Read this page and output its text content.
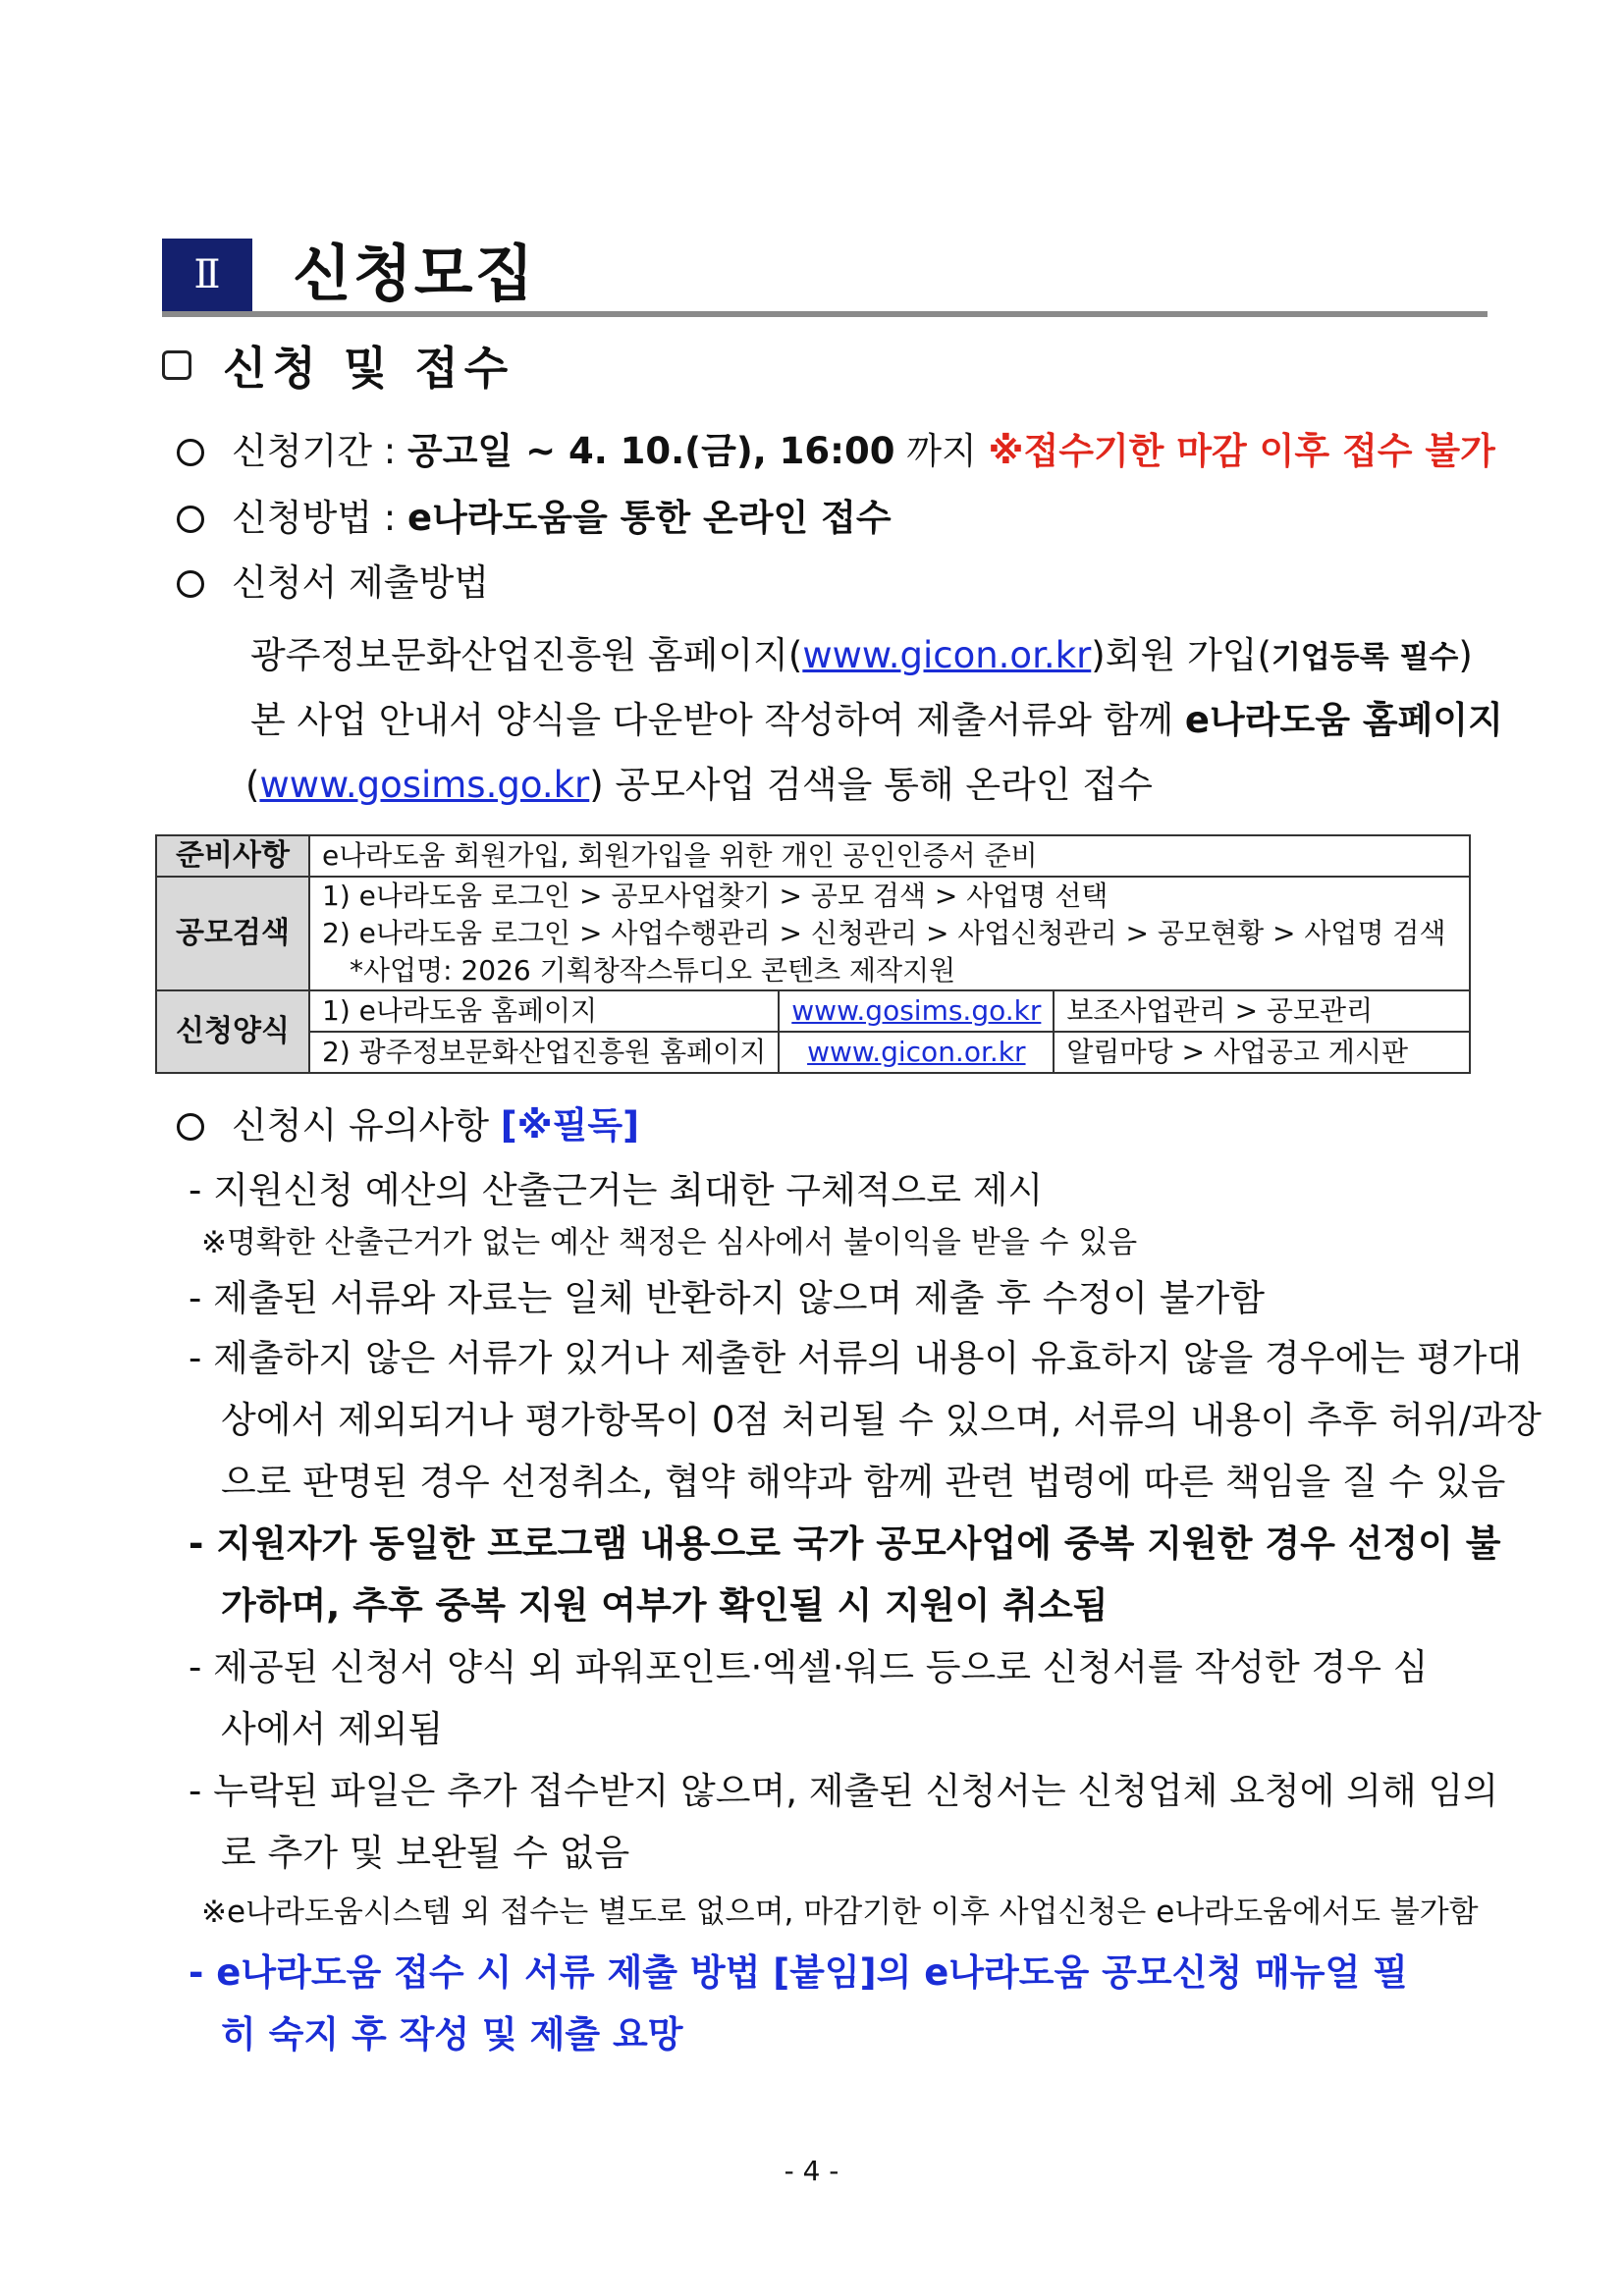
Ⅱ	신청모집
신청 및 접수
신청기간 : 공고일 ~ 4. 10.(금), 16:00 까지 ※접수기한 마감 이후 접수 불가
신청방법 : e나라도움을 통한 온라인 접수
신청서 제출방법
광주정보문화산업진흥원 홈페이지(www.gicon.or.kr)회원 가입(기업등록 필수)
본 사업 안내서 양식을 다운받아 작성하여 제출서류와 함께 e나라도움 홈페이지
(www.gosims.go.kr) 공모사업 검색을 통해 온라인 접수
준비사항	e나라도움 회원가입, 회원가입을 위한 개인 공인인증서 준비		
공모검색	1) e나라도움 로그인 > 공모사업찾기 > 공모 검색 > 사업명 선택
2) e나라도움 로그인 > 사업수행관리 > 신청관리 > 사업신청관리 > 공모현황 > 사업명 검색
*사업명: 2026 기획창작스튜디오 콘텐츠 제작지원		

신청양식	1) e나라도움 홈페이지	www.gosims.go.kr	보조사업관리 > 공모관리
	2) 광주정보문화산업진흥원 홈페이지	www.gicon.or.kr	알림마당 > 사업공고 게시판
신청시 유의사항 [※필독]
- 지원신청 예산의 산출근거는 최대한 구체적으로 제시
※명확한 산출근거가 없는 예산 책정은 심사에서 불이익을 받을 수 있음
- 제출된 서류와 자료는 일체 반환하지 않으며 제출 후 수정이 불가함
- 제출하지 않은 서류가 있거나 제출한 서류의 내용이 유효하지 않을 경우에는 평가대
상에서 제외되거나 평가항목이 0점 처리될 수 있으며, 서류의 내용이 추후 허위/과장
으로 판명된 경우 선정취소, 협약 해약과 함께 관련 법령에 따른 책임을 질 수 있음
- 지원자가 동일한 프로그램 내용으로 국가 공모사업에 중복 지원한 경우 선정이 불
가하며, 추후 중복 지원 여부가 확인될 시 지원이 취소됨
- 제공된 신청서 양식 외 파워포인트·엑셀·워드 등으로 신청서를 작성한 경우 심
사에서 제외됨
- 누락된 파일은 추가 접수받지 않으며, 제출된 신청서는 신청업체 요청에 의해 임의
로 추가 및 보완될 수 없음
※e나라도움시스템 외 접수는 별도로 없으며, 마감기한 이후 사업신청은 e나라도움에서도 불가함
- e나라도움 접수 시 서류 제출 방법 [붙임]의 e나라도움 공모신청 매뉴얼 필
히 숙지 후 작성 및 제출 요망
- 4 -
